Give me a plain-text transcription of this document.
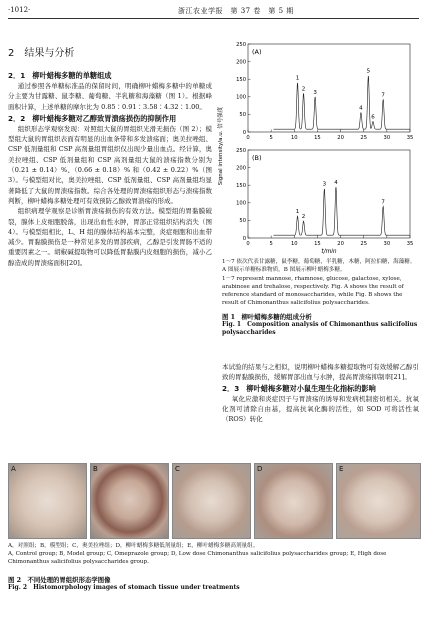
·1012·	浙江农业学报　第 37 卷　第 5 期
2　结果与分析
2．1　柳叶蜡梅多糖的单糖组成

通过参照各单糖标准品的保留时间，明确柳叶蜡梅多糖中的单糖成分主要为甘露糖、鼠李糖、葡萄糖、半乳糖和海藻糖（图 1）。根据峰面积计算，上述单糖的摩尔比为 0.85∶0.91∶3.58∶4.32∶1.00。

2．2　柳叶蜡梅多糖对乙醇致胃溃疡损伤的抑制作用

组织形态学观察发现：对照组大鼠的胃组织光滑无损伤（图 2）；模型组大鼠的胃组织表面有明显的出血条带和多发溃疡面；奥美拉唑组、CSP 低剂量组和 CSP 高剂量组胃组织仅出现少量出血点。经计算，奥美拉唑组、CSP 低剂量组和 CSP 高剂量组大鼠的溃疡指数分别为（0.21 ± 0.14）%、（0.66 ± 0.18）% 和（0.42 ± 0.22）%（图 3）。与模型组对比，奥美拉唑组、CSP 低剂量组、CSP 高剂量组均显著降低了大鼠的胃溃疡指数。综合各处理的胃溃疡组织形态与溃疡指数判断，柳叶蜡梅多糖处理可有效预防乙醇致胃溃疡的形成。

组织病理学观察是诊断胃溃疡损伤的有效方法。模型组的胃黏膜破裂，腺体上皮细胞脱落，出现出血性水肿，胃部正常组织结构消失（图 4）。与模型组相比，L、H 组的腺体结构基本完整，炎症细胞和出血带减少。胃黏膜损伤是一种常见多发的胃部疾病，乙醇是引发胃肠不适的重要因素之一。胡椒碱提取物可以降低胃黏膜内皮细胞的损伤，减小乙醇造成的胃溃疡面积[20]。

Signal intensity/a.u. 信号强度
(A)
0
50
100
150
200
250
0	5	10	15	20	25	30	35
1
2
3
4
5
6
7
(B)
0
50
100
150
200
250
0	5	10	15	20	25	30	35
t/min
1
2
3 4
7
1～7 依次代表甘露糖，鼠李糖，葡萄糖，半乳糖，木糖，阿拉伯糖，海藻糖。A 图展示单糖标准物质，B 图展示柳叶蜡梅多糖。
1－7 represent mannose, rhamnose, glucose, galactose, xylose, arabinose and trehalose, respectively. Fig. A shows the result of reference standard of monosaccharides, while Fig. B shows the result of Chimonanthus salicifolius polysaccharides.
图 1　柳叶蜡梅多糖的组成分析
Fig. 1　Composition analysis of Chimonanthus salicifolius polysaccharides

本试验的结果与之相似，说明柳叶蜡梅多糖提取物可有效缓解乙醇引致的胃黏膜损伤，缓解胃部出血与水肿，提高胃溃疡抑制率[21]。

2．3　柳叶蜡梅多糖对小鼠生理生化指标的影响

氧化应激和炎症因子与胃溃疡的诱导和发病机制密切相关。抗氧化剂可清除自由基，提高抗氧化酶的活性，如 SOD 可将活性氧（ROS）转化

A	B	C	D	E
A，对照组；B，模型组；C，奥美拉唑组；D，柳叶蜡梅多糖低剂量组；E，柳叶蜡梅多糖高剂量组。
A, Control group; B, Model group; C, Omeprazole group; D, Low dose Chimonanthus salicifolius polysaccharides group; E, High dose Chimonanthus salicifolius polysaccharides group.
图 2　不同处理的胃组织形态学图像
Fig. 2　Histomorphology images of stomach tissue under treatments
